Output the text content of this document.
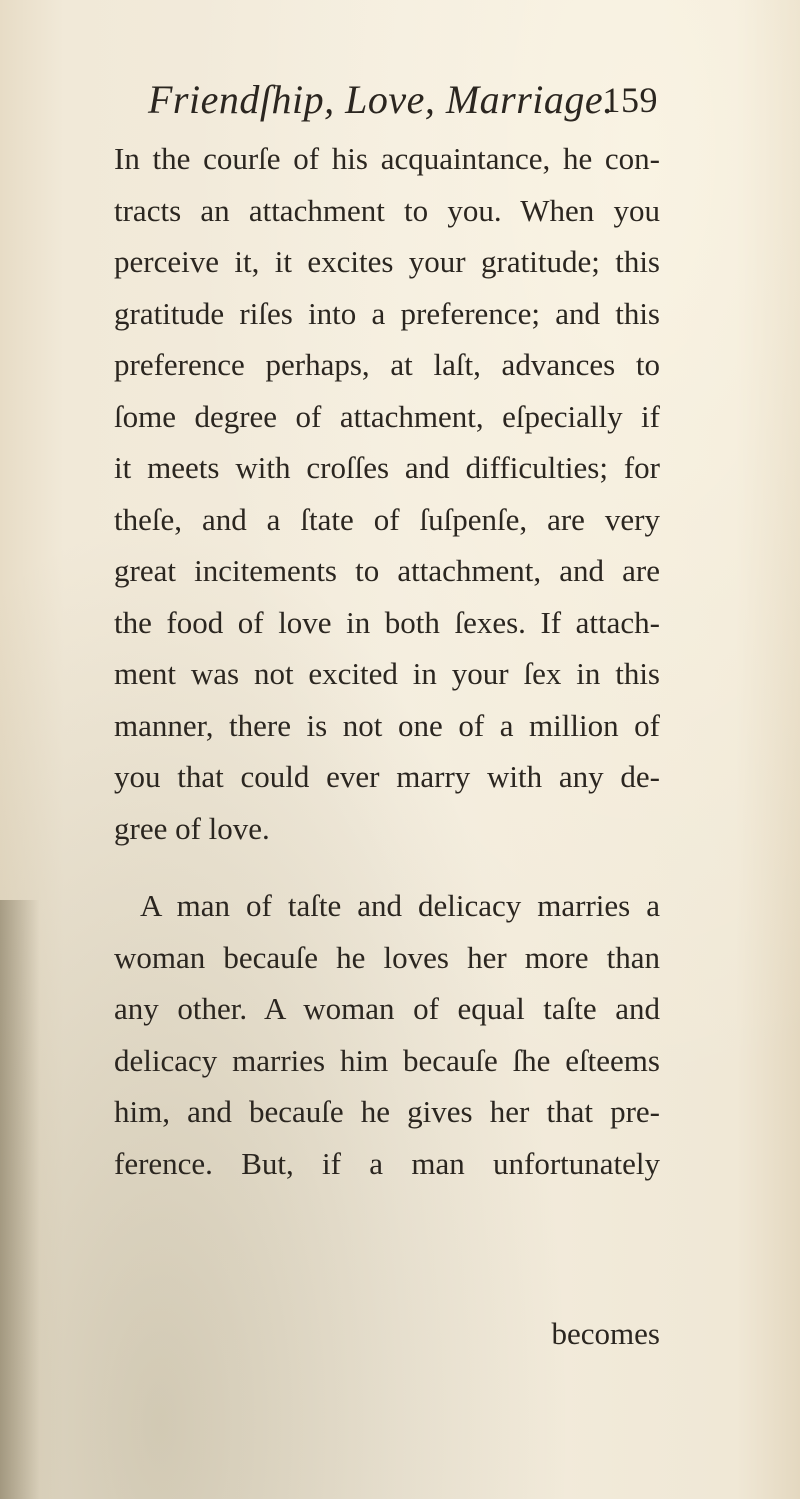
Friendſhip, Love, Marriage.
159
In the courſe of his acquaintance, he con-
tracts an attachment to you. When you
perceive it, it excites your gratitude; this
gratitude riſes into a preference; and this
preference perhaps, at laſt, advances to
ſome degree of attachment, eſpecially if
it meets with croſſes and difficulties; for
theſe, and a ſtate of ſuſpenſe, are very
great incitements to attachment, and are
the food of love in both ſexes. If attach-
ment was not excited in your ſex in this
manner, there is not one of a million of
you that could ever marry with any de-
gree of love.
A man of taſte and delicacy marries a
woman becauſe he loves her more than
any other. A woman of equal taſte and
delicacy marries him becauſe ſhe eſteems
him, and becauſe he gives her that pre-
ference. But, if a man unfortunately
becomes
